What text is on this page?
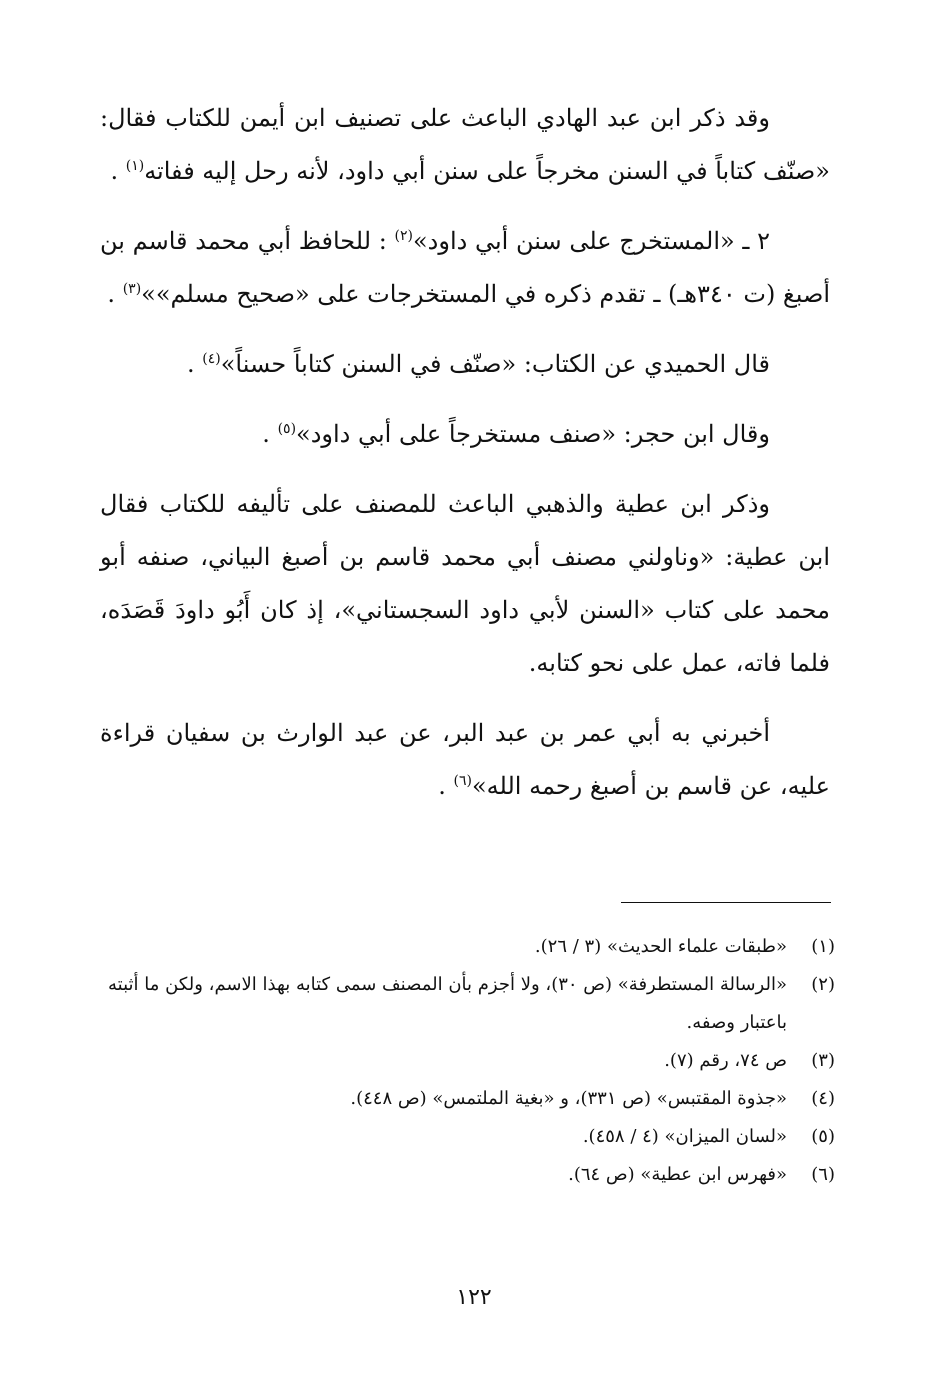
وقد ذكر ابن عبد الهادي الباعث على تصنيف ابن أيمن للكتاب فقال: «صنّف كتاباً في السنن مخرجاً على سنن أبي داود، لأنه رحل إليه ففاته$^{(١)}$ .

٢ ـ «المستخرج على سنن أبي داود»$^{(٢)}$ : للحافظ أبي محمد قاسم بن أصبغ (ت ٣٤٠هـ) ـ تقدم ذكره في المستخرجات على «صحيح مسلم»»$^{(٣)}$ .

قال الحميدي عن الكتاب: «صنّف في السنن كتاباً حسناً»$^{(٤)}$ .

وقال ابن حجر: «صنف مستخرجاً على أبي داود»$^{(٥)}$ .

وذكر ابن عطية والذهبي الباعث للمصنف على تأليفه للكتاب فقال ابن عطية: «وناولني مصنف أبي محمد قاسم بن أصبغ البياني، صنفه أبو محمد على كتاب «السنن لأبي داود السجستاني»، إذ كان أَبُو داودَ قَصَدَه، فلما فاته، عمل على نحو كتابه.

أخبرني به أبي عمر بن عبد البر، عن عبد الوارث بن سفيان قراءة عليه، عن قاسم بن أصبغ رحمه الله»$^{(٦)}$ .

(١)
«طبقات علماء الحديث» (٣ / ٢٦).
(٢)
«الرسالة المستطرفة» (ص ٣٠)، ولا أجزم بأن المصنف سمى كتابه بهذا الاسم، ولكن ما أثبته باعتبار وصفه.
(٣)
ص ٧٤، رقم (٧).
(٤)
«جذوة المقتبس» (ص ٣٣١)، و «بغية الملتمس» (ص ٤٤٨).
(٥)
«لسان الميزان» (٤ / ٤٥٨).
(٦)
«فهرس ابن عطية» (ص ٦٤).
١٢٢
